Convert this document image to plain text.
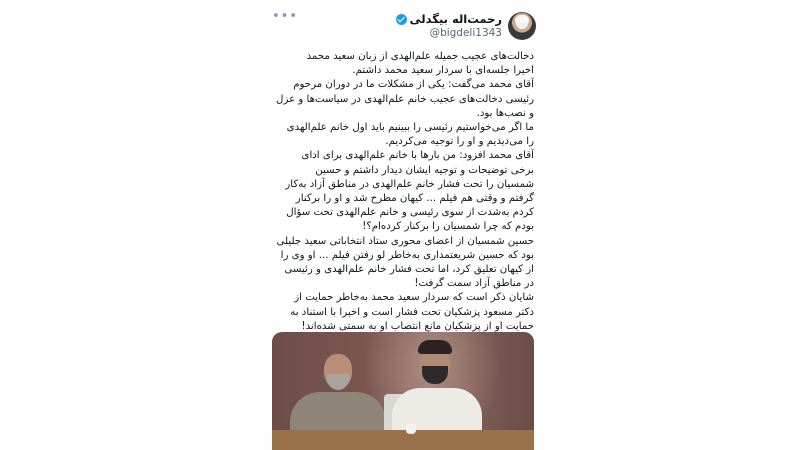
•••	رحمت‌اله بیگدلی
@bigdeli1343

دخالت‌های عجیب جمیله علم‌الهدی از زبان سعید محمد

اخیرا جلسه‌ای با سردار سعید محمد داشتم.

آقای محمد می‌گفت: یکی از مشکلات ما در دوران مرحوم رئیسی دخالت‌های عجیب خانم علم‌الهدی در سیاست‌ها و عزل و نصب‌ها بود.

ما اگر می‌خواستیم رئیسی را ببینیم باید اول خانم علم‌الهدی را می‌دیدیم و او را توجیه می‌کردیم.

آقای محمد افزود: من بارها با خانم علم‌الهدی برای ادای برخی توضیحات و توجیه ایشان دیدار داشتم و حسین شمسیان را تحت فشار خانم علم‌الهدی در مناطق آزاد به‌کار گرفتم و وقتی هم فیلم ... کیهان مطرح شد و او را برکنار کردم به‌شدت از سوی رئیسی و خانم علم‌الهدی تحت سؤال بودم که چرا شمسیان را برکنار کرده‌ام؟!

حسین شمسیان از اعضای محوری ستاد انتخاباتی سعید جلیلی بود که حسین شریعتمداری به‌خاطر لو رفتن فیلم ... او وی را از کیهان تعلیق کرد، اما تحت فشار خانم علم‌الهدی و رئیسی در مناطق آزاد سمت گرفت!

شایان ذکر است که سردار سعید محمد به‌خاطر حمایت از دکتر مسعود پزشکیان تحت فشار است و اخیرا با استناد به حمایت او از پزشکیان مانع انتصاب او به سمتی شده‌اند!
